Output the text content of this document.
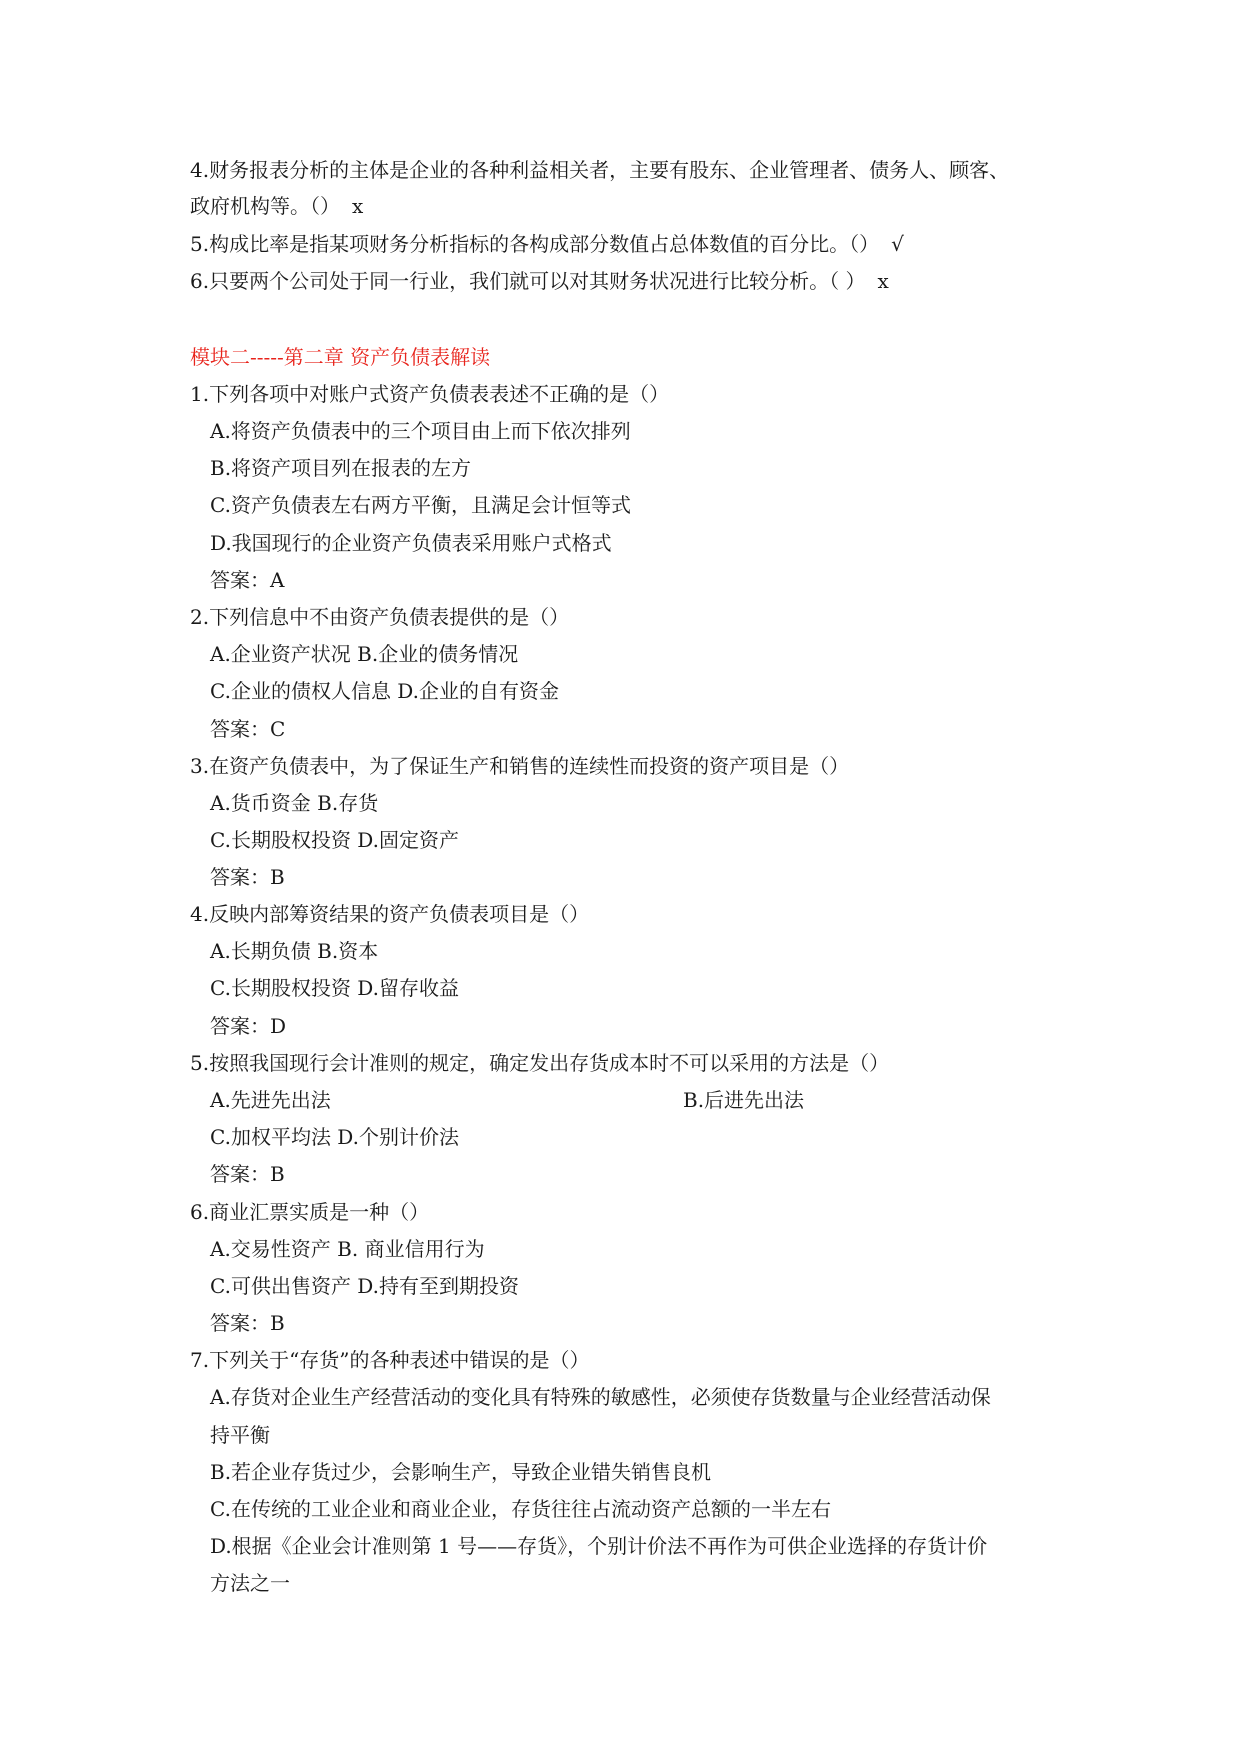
4.财务报表分析的主体是企业的各种利益相关者，主要有股东、企业管理者、债务人、顾客、
政府机构等。（） x
5.构成比率是指某项财务分析指标的各构成部分数值占总体数值的百分比。（） √
6.只要两个公司处于同一行业，我们就可以对其财务状况进行比较分析。（ ） x
模块二-----第二章 资产负债表解读
1.下列各项中对账户式资产负债表表述不正确的是（）
A.将资产负债表中的三个项目由上而下依次排列
B.将资产项目列在报表的左方
C.资产负债表左右两方平衡，且满足会计恒等式
D.我国现行的企业资产负债表采用账户式格式
答案：A
2.下列信息中不由资产负债表提供的是（）
A.企业资产状况 B.企业的债务情况
C.企业的债权人信息 D.企业的自有资金
答案：C
3.在资产负债表中，为了保证生产和销售的连续性而投资的资产项目是（）
A.货币资金 B.存货
C.长期股权投资 D.固定资产
答案：B
4.反映内部筹资结果的资产负债表项目是（）
A.长期负债 B.资本
C.长期股权投资 D.留存收益
答案：D
5.按照我国现行会计准则的规定，确定发出存货成本时不可以采用的方法是（）
A.先进先出法	B.后进先出法
C.加权平均法 D.个别计价法
答案：B
6.商业汇票实质是一种（）
A.交易性资产 B. 商业信用行为
C.可供出售资产 D.持有至到期投资
答案：B
7.下列关于“存货”的各种表述中错误的是（）
A.存货对企业生产经营活动的变化具有特殊的敏感性，必须使存货数量与企业经营活动保
持平衡
B.若企业存货过少，会影响生产，导致企业错失销售良机
C.在传统的工业企业和商业企业，存货往往占流动资产总额的一半左右
D.根据《企业会计准则第 1 号——存货》，个别计价法不再作为可供企业选择的存货计价
方法之一
